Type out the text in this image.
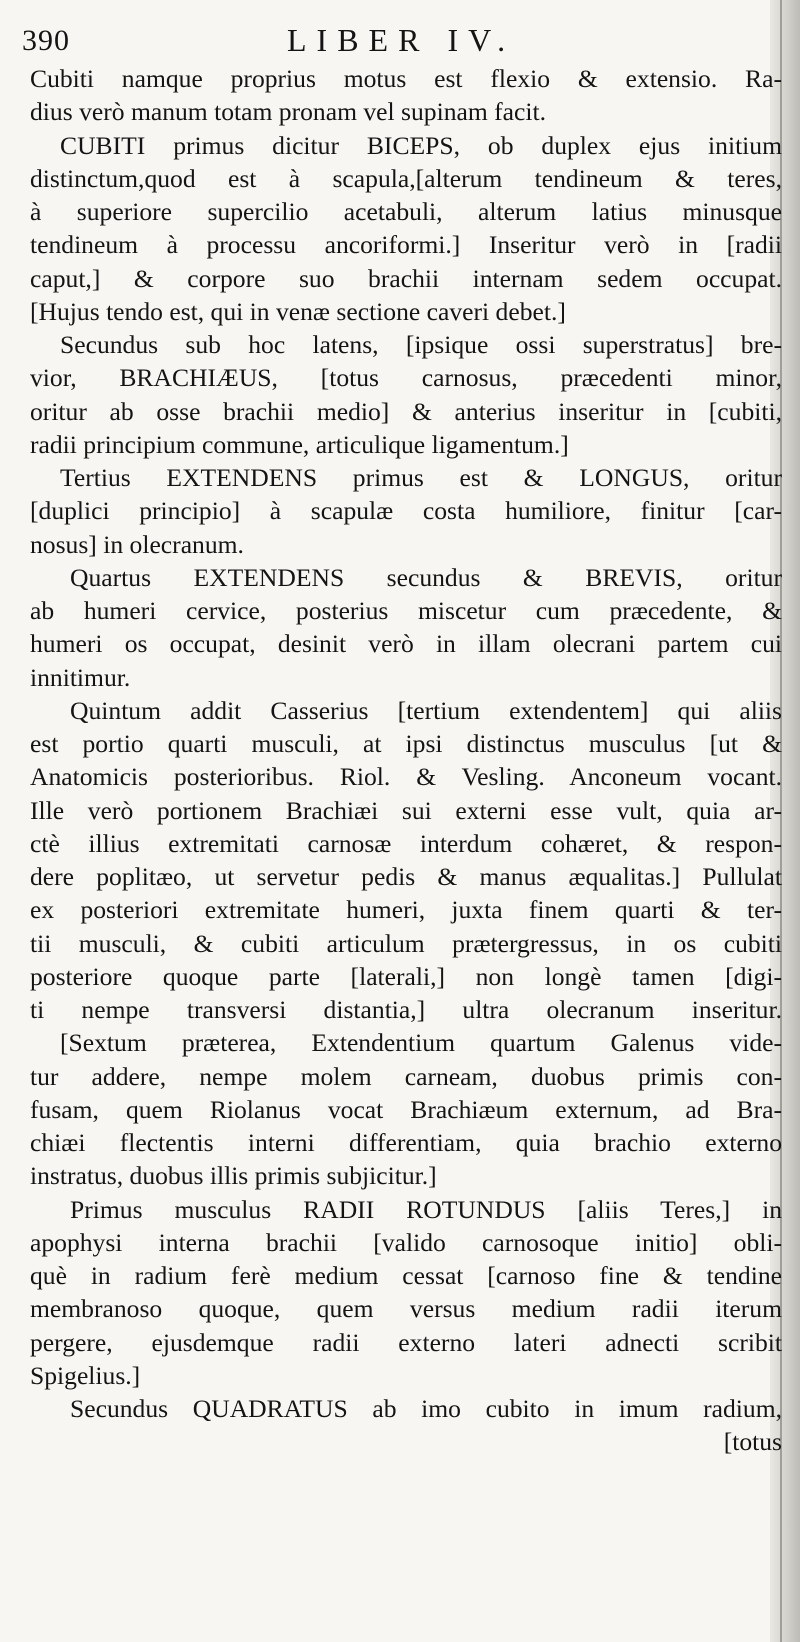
390	LIBER IV.
Cubiti namque proprius motus est flexio & extensio. Ra-
dius verò manum totam pronam vel supinam facit.
CUBITI primus dicitur BICEPS, ob duplex ejus initium
distinctum,quod est à scapula,[alterum tendineum & teres,
à superiore supercilio acetabuli, alterum latius minusque
tendineum à processu ancoriformi.] Inseritur verò in [radii
caput,] & corpore suo brachii internam sedem occupat.
[Hujus tendo est, qui in venæ sectione caveri debet.]
Secundus sub hoc latens, [ipsique ossi superstratus] bre-
vior, BRACHIÆUS, [totus carnosus, præcedenti minor,
oritur ab osse brachii medio] & anterius inseritur in [cubiti,
radii principium commune, articulique ligamentum.]
Tertius EXTENDENS primus est & LONGUS, oritur
[duplici principio] à scapulæ costa humiliore, finitur [car-
nosus] in olecranum.
Quartus EXTENDENS secundus & BREVIS, oritur
ab humeri cervice, posterius miscetur cum præcedente, &
humeri os occupat, desinit verò in illam olecrani partem cui
innitimur.
Quintum addit Casserius [tertium extendentem] qui aliis
est portio quarti musculi, at ipsi distinctus musculus [ut &
Anatomicis posterioribus. Riol. & Vesling. Anconeum vocant.
Ille verò portionem Brachiæi sui externi esse vult, quia ar-
ctè illius extremitati carnosæ interdum cohæret, & respon-
dere poplitæo, ut servetur pedis & manus æqualitas.] Pullulat
ex posteriori extremitate humeri, juxta finem quarti & ter-
tii musculi, & cubiti articulum prætergressus, in os cubiti
posteriore quoque parte [laterali,] non longè tamen [digi-
ti nempe transversi distantia,] ultra olecranum inseritur.
[Sextum præterea, Extendentium quartum Galenus vide-
tur addere, nempe molem carneam, duobus primis con-
fusam, quem Riolanus vocat Brachiæum externum, ad Bra-
chiæi flectentis interni differentiam, quia brachio externo
instratus, duobus illis primis subjicitur.]
Primus musculus RADII ROTUNDUS [aliis Teres,] in
apophysi interna brachii [valido carnosoque initio] obli-
què in radium ferè medium cessat [carnoso fine & tendine
membranoso quoque, quem versus medium radii iterum
pergere, ejusdemque radii externo lateri adnecti scribit
Spigelius.]
Secundus QUADRATUS ab imo cubito in imum radium,
[totus
